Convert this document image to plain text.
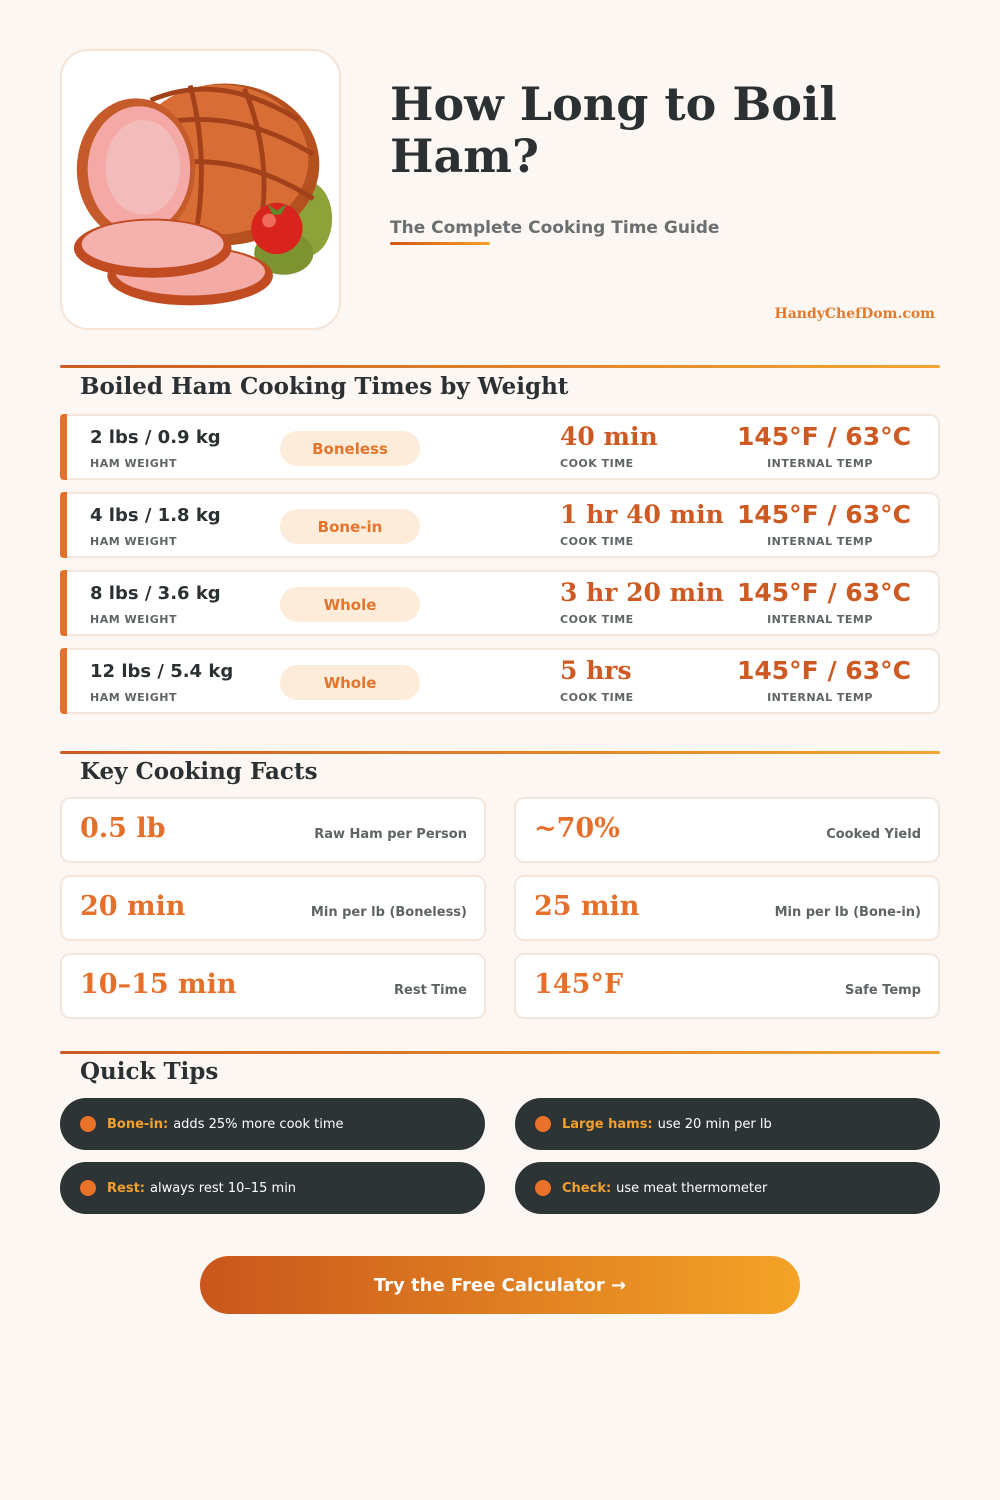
How Long to Boil Ham?
The Complete Cooking Time Guide
HandyChefDom.com
Boiled Ham Cooking Times by Weight
2 lbs / 0.9 kg
HAM WEIGHT
Boneless	40 min
COOK TIME
145°F / 63°C
INTERNAL TEMP
4 lbs / 1.8 kg
HAM WEIGHT
Bone-in	1 hr 40 min
COOK TIME
145°F / 63°C
INTERNAL TEMP
8 lbs / 3.6 kg
HAM WEIGHT
Whole	3 hr 20 min
COOK TIME
145°F / 63°C
INTERNAL TEMP
12 lbs / 5.4 kg
HAM WEIGHT
Whole	5 hrs
COOK TIME
145°F / 63°C
INTERNAL TEMP
Key Cooking Facts
0.5 lb	Raw Ham per Person ~70%	Cooked Yield
20 min	Min per lb (Boneless) 25 min	Min per lb (Bone-in)
10–15 min	Rest Time 145°F	Safe Temp
Quick Tips
Bone-in: adds 25% more cook time	Large hams: use 20 min per lb
Rest: always rest 10–15 min	Check: use meat thermometer
Try the Free Calculator →
